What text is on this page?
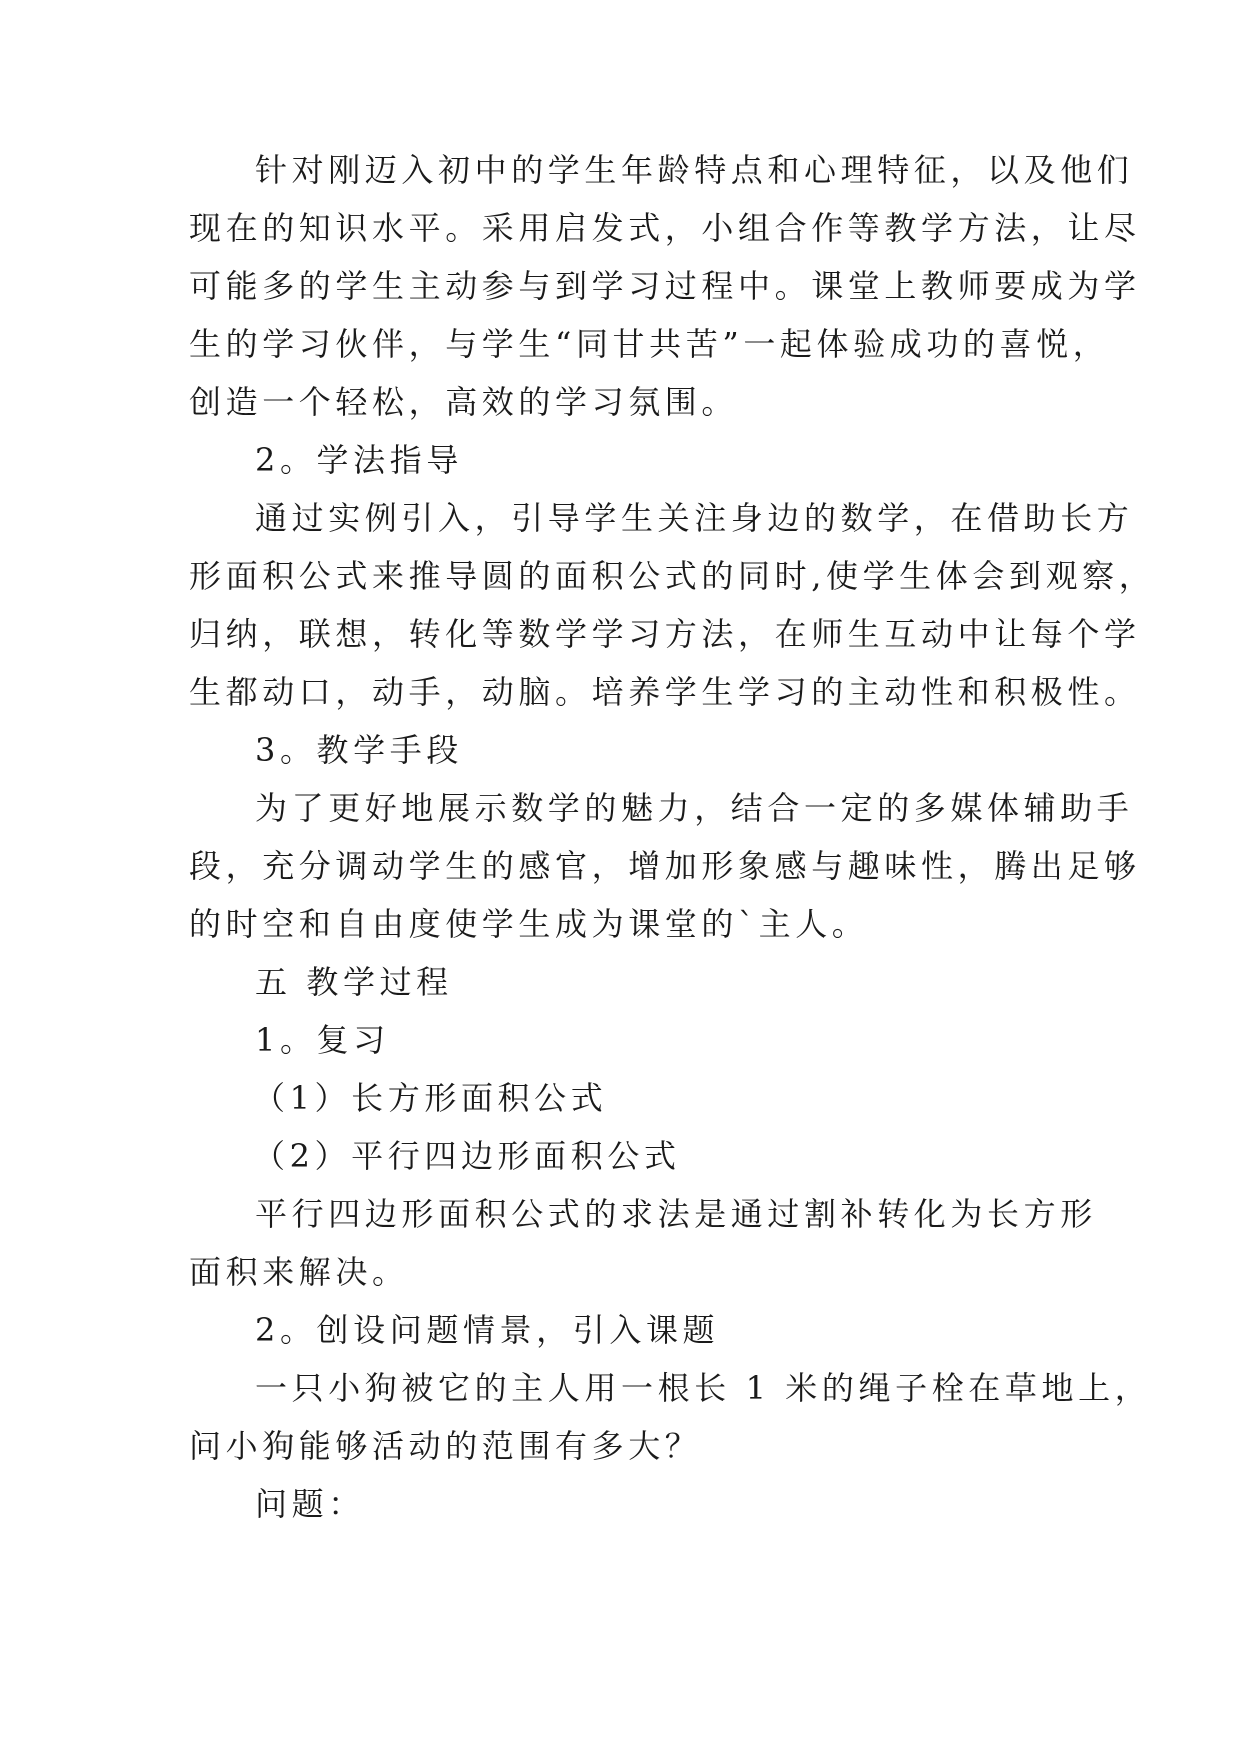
针对刚迈入初中的学生年龄特点和心理特征，以及他们
现在的知识水平。采用启发式，小组合作等教学方法，让尽
可能多的学生主动参与到学习过程中。课堂上教师要成为学
生的学习伙伴，与学生“同甘共苦”一起体验成功的喜悦，
创造一个轻松，高效的学习氛围。
2。学法指导
通过实例引入，引导学生关注身边的数学，在借助长方
形面积公式来推导圆的面积公式的同时,使学生体会到观察，
归纳，联想，转化等数学学习方法，在师生互动中让每个学
生都动口，动手，动脑。培养学生学习的主动性和积极性。
3。教学手段
为了更好地展示数学的魅力，结合一定的多媒体辅助手
段，充分调动学生的感官，增加形象感与趣味性，腾出足够
的时空和自由度使学生成为课堂的`主人。
五 教学过程
1。复习
（1）长方形面积公式
（2）平行四边形面积公式
平行四边形面积公式的求法是通过割补转化为长方形
面积来解决。
2。创设问题情景，引入课题
一只小狗被它的主人用一根长 1 米的绳子栓在草地上，
问小狗能够活动的范围有多大？
问题：
